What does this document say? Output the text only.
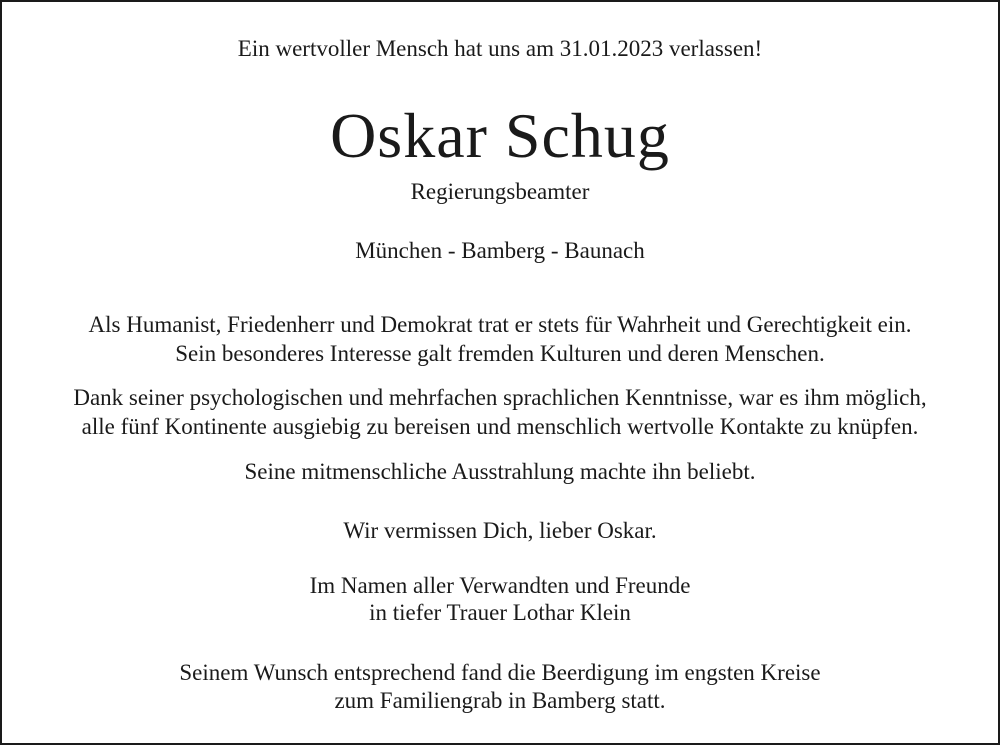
Ein wertvoller Mensch hat uns am 31.01.2023 verlassen!
Oskar Schug
Regierungsbeamter
München - Bamberg - Baunach
Als Humanist, Friedenherr und Demokrat trat er stets für Wahrheit und Gerechtigkeit ein.
Sein besonderes Interesse galt fremden Kulturen und deren Menschen.
Dank seiner psychologischen und mehrfachen sprachlichen Kenntnisse, war es ihm möglich,
alle fünf Kontinente ausgiebig zu bereisen und menschlich wertvolle Kontakte zu knüpfen.
Seine mitmenschliche Ausstrahlung machte ihn beliebt.
Wir vermissen Dich, lieber Oskar.
Im Namen aller Verwandten und Freunde
in tiefer Trauer Lothar Klein
Seinem Wunsch entsprechend fand die Beerdigung im engsten Kreise
zum Familiengrab in Bamberg statt.
